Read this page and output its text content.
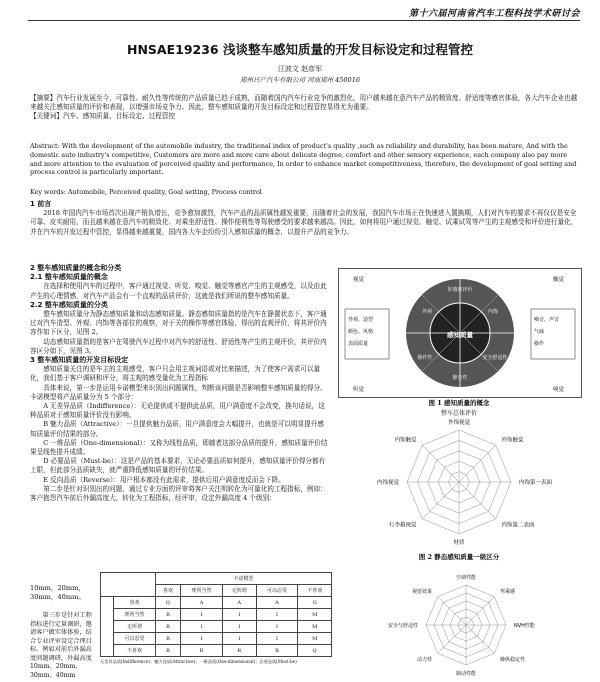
第十六届河南省汽车工程科技学术研讨会
HNSAE19236 浅谈整车感知质量的开发目标设定和过程管控
江波文 赵彦军
郑州日产汽车有限公司 河南郑州 450016
【摘要】汽车行业发展至今，可靠性、耐久性等传统的产品质量已趋于成熟，而随着国内汽车行业竞争的激烈化，用户越来越在意汽车产品的精致度、舒适度等感官体验，各大汽车企业也越来越关注感知质量的评价和表现，以增强市场竞争力。因此，整车感知质量的开发目标设定和过程管控显得尤为重要。
【关键词】汽车、感知质量、目标设定、过程管控
Abstract: With the development of the automobile industry, the traditional index of product's quality ,such as reliability and durability, has been mature, And with the domestic auto industry's competitive, Customers are more and more care about delicate degree, comfort and other sensory experience, each company also pay more and more attention to the evaluation of perceived quality and performance, In order to enhance market competitiveness, therefore, the development of goal setting and process control is particularly important.
Key words: Automobile, Perceived quality, Goal setting, Process control
1 前言

2018 年国内汽车市场首次出现产销负增长，竞争愈加激烈，汽车产品的品质属性越发重要，而随着社会的发展，我国汽车市场正在快速进入置换期，人们对汽车的要求不再仅仅是安全可靠、皮实耐用，而且越来越在意汽车的精致化、对乘坐舒适性、操作便利性等驾驶感受的要求越来越高。因此，如何将用户通过视觉、触觉、试乘试驾等产生的主观感受和评价进行量化，并在汽车的开发过程中管控，显得越来越重要，国内各大车企纷纷引入感知质量的概念，以提升产品的竞争力。

2 整车感知质量的概念和分类
2.1 整车感知质量的概念

在选择和使用汽车的过程中，客户通过视觉、听觉、嗅觉、触觉等感官产生的主观感受，以及由此产生的心理情感，对汽车产品会有一个直观的品质评价，这就是我们所说的整车感知质量。

2.2 整车感知质量的分类

整车感知质量分为静态感知质量和动态感知质量。静态感知质量指的是汽车在静置状态下，客户通过对汽车造型、外观、内饰等各部位的观察，对于关的操作等感官体验，得出的直观评价，将其评价内容作如下区分，见图 2。

动态感知质量指的是客户在驾驶汽车过程中对汽车的舒适性、舒适性等产生的主观评价，其评价内容区分如下，见图 3。

3 整车感知质量的开发目标设定

感知质量关注的是车主的主观感受，客户只会用主观词语或对比来描述，为了使客户需求可以量化，我们基于客户调研和评分，将主观的感受量化为工程指标

具体来说，第一步是运用卡诺模型来识别出问题属性，判断该问题是否影响整车感知质量的得分。卡诺模型将产品质量分为 5 个部分：

A 无差异品质（Indifference）：无论提供或不提供此品质，用户满意度不会改变，换句话说，这种品质对于感知质量评价没有影响。

B 魅力品质（Attractive）：一旦提供魅力品质，用户满意度会大幅提升，也就是可以明显提升感知质量评价结果的部分。

C 一维品质（One-dimensional）：又称为线性品质，即越者这部分品质的提升，感知质量评价结果呈线性提升成绩。

D 必要品质（Must-be）：这是产品的基本要求，无论必要品质如何提升，感知质量评价得分都有上限，但此部分品质缺失，就严重降低感知质量的评价结果。

E 反向品质（Reverse）：用户根本都没有此需求，提供后用户满意度反而会下降。

第二步是针对识别出的问题，通过专业方面的评审将客户关注明转化为可量化的工程指标，例如：客户抱怨汽车前后外漏高度大，转化为工程指标，经评审，设定外漏高度 4 个级别：

10mm，20mm，30mm，40mm。

第三步是针对工程指标进行定量调研，邀请客户做实体体验，结合专业评审设定合理目标。例如对前后外漏高度问题调研，外漏高度 10mm、20mm、30mm、40mm

视觉	触觉
听觉	嗅觉
外观、造型
颜色、风格
表面质量
噪音、声音
气味
操作
感知质量
好感度评价
外观	内饰
操作性	安全舒适性
静音性
图 1 感知质量的概念
整车总体评价
外饰视觉
外饰触觉
内饰第一表面
内饰第二表面
材质
行李箱视觉
内饰视觉
内饰触觉
图 2 静态感知质量一级区分
		卡诺模型				
		喜欢	理所当然	无所谓	可以忍受	不喜欢
	喜欢	Q	A	A	A	O
	理所当然	R	I	I	I	M
	无所谓	R	I	I	I	M
	可以忍受	R	I	I	I	M
	不喜欢	R	R	R	R	Q
无差异品质(Indifference)；魅力品质(Attractive)；一维品质(One-dimensional)；必要品质(Must-be)
空调性能
驾乘感
NVH性能
操纵稳定性
制动性能
动力性
安全与舒适性
视觉效果
